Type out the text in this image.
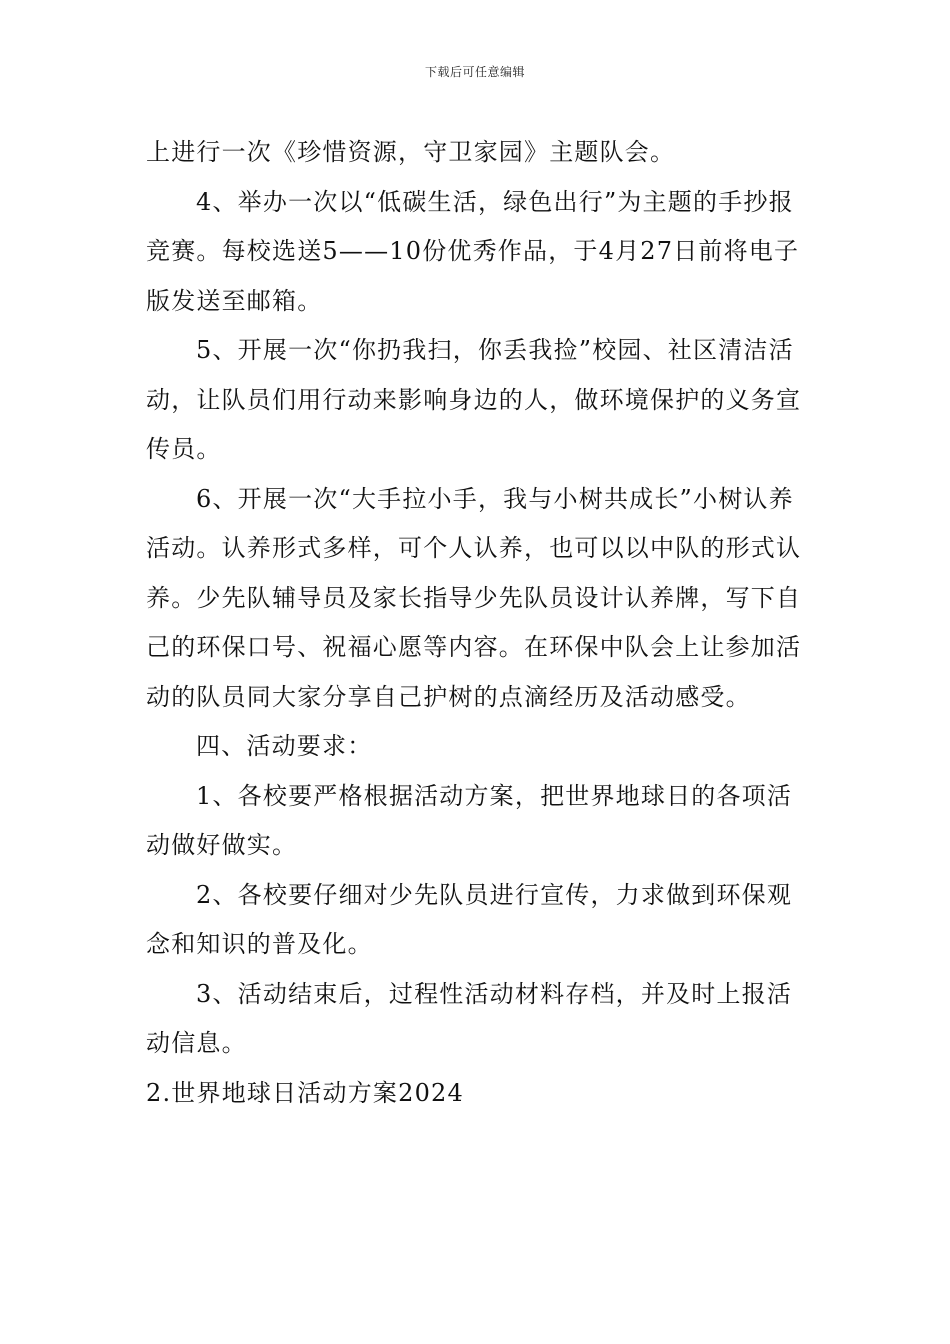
下载后可任意编辑

上进行一次《珍惜资源，守卫家园》主题队会。

4、举办一次以“低碳生活，绿色出行”为主题的手抄报竞赛。每校选送5——10份优秀作品，于4月27日前将电子版发送至邮箱。

5、开展一次“你扔我扫，你丢我捡”校园、社区清洁活动，让队员们用行动来影响身边的人，做环境保护的义务宣传员。

6、开展一次“大手拉小手，我与小树共成长”小树认养活动。认养形式多样，可个人认养，也可以以中队的形式认养。少先队辅导员及家长指导少先队员设计认养牌，写下自己的环保口号、祝福心愿等内容。在环保中队会上让参加活动的队员同大家分享自己护树的点滴经历及活动感受。

四、活动要求：

1、各校要严格根据活动方案，把世界地球日的各项活动做好做实。

2、各校要仔细对少先队员进行宣传，力求做到环保观念和知识的普及化。

3、活动结束后，过程性活动材料存档，并及时上报活动信息。

2.世界地球日活动方案2024
